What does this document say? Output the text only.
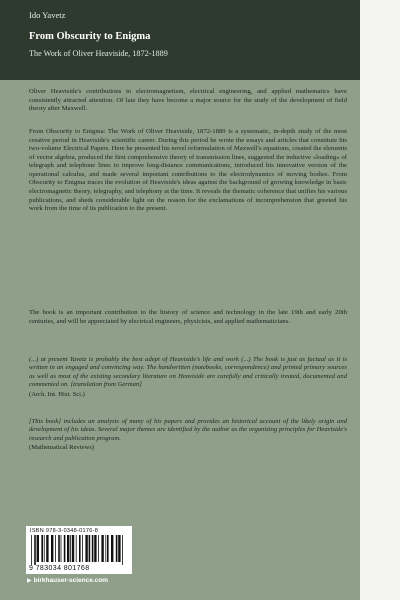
Ido Yavetz
From Obscurity to Enigma
The Work of Oliver Heaviside, 1872-1889
Oliver Heaviside's contributions to electromagnetism, electrical engineering, and applied mathematics have consistently attracted attention. Of late they have become a major source for the study of the development of field theory after Maxwell.
From Obscurity to Enigma: The Work of Oliver Heaviside, 1872-1889 is a systematic, in-depth study of the most creative period in Heaviside's scientific career. During this period he wrote the essays and articles that constitute his two-volume Electrical Papers. Here he presented his novel reformulation of Maxwell's equations, created the elements of vector algebra, produced the first comprehensive theory of transmission lines, suggested the inductive «loading» of telegraph and telephone lines to improve long-distance communications, introduced his innovative version of the operational calculus, and made several important contributions to the electrodynamics of moving bodies. From Obscurity to Enigma traces the evolution of Heaviside's ideas against the background of growing knowledge in basic electromagnetic theory, telegraphy, and telephony at the time. It reveals the thematic coherence that unifies his various publications, and sheds considerable light on the reason for the exclamations of incomprehension that greeted his work from the time of its publication to the present.
The book is an important contribution to the history of science and technology in the late 19th and early 20th centuries, and will be appreciated by electrical engineers, physicists, and applied mathematicians.
(...) at present Yavetz is probably the best adept of Heaviside's life and work (...) The book is just as factual as it is written in an engaged and convincing way. The handwritten (notebooks, correspondence) and printed primary sources as well as most of the existing secondary literature on Heaviside are carefully and critically treated, documented and commented on. [translation from German]
(Arch. Int. Hist. Sci.)
[This book] includes an analysis of many of his papers and provides an historical account of the likely origin and development of his ideas. Several major themes are identified by the author as the organizing principles for Heaviside's research and publication program.
(Mathematical Reviews)
ISBN 978-3-0348-0176-8
9 783034 801768
▶ birkhauser-science.com
